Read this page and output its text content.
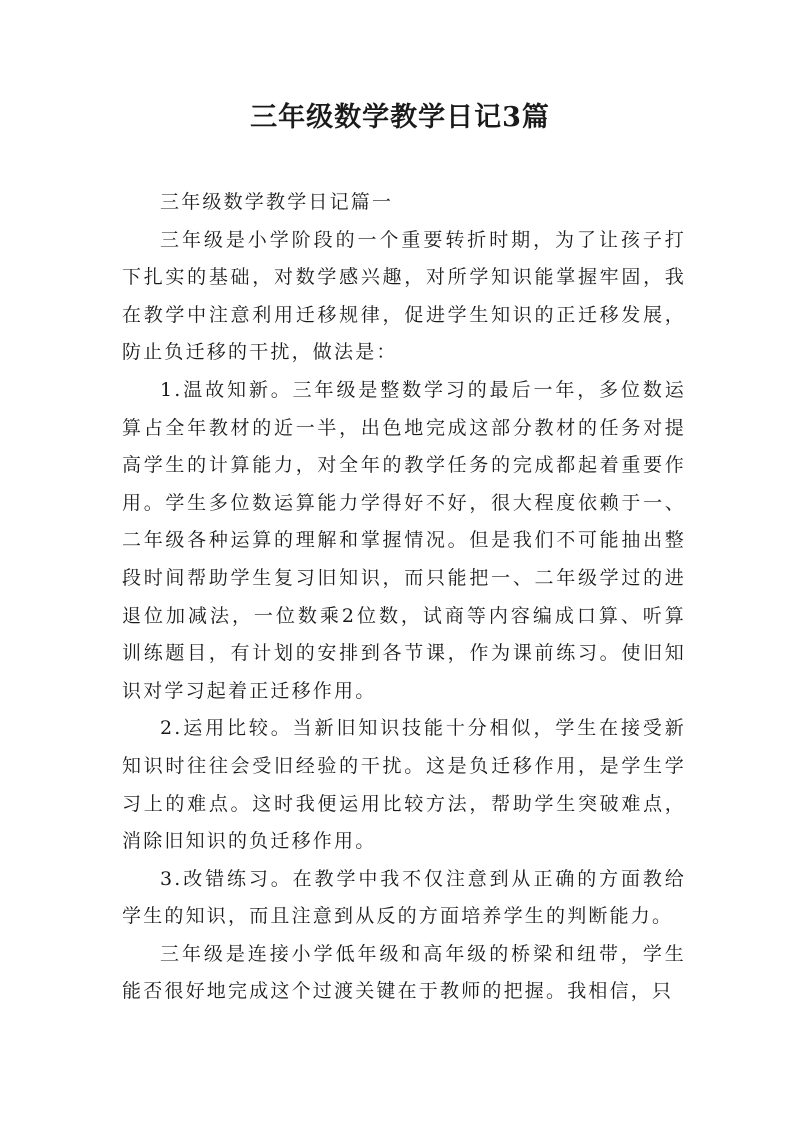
三年级数学教学日记3篇

三年级数学教学日记篇一

三年级是小学阶段的一个重要转折时期，为了让孩子打下扎实的基础，对数学感兴趣，对所学知识能掌握牢固，我在教学中注意利用迁移规律，促进学生知识的正迁移发展，防止负迁移的干扰，做法是：

1.温故知新。三年级是整数学习的最后一年，多位数运算占全年教材的近一半，出色地完成这部分教材的任务对提高学生的计算能力，对全年的教学任务的完成都起着重要作用。学生多位数运算能力学得好不好，很大程度依赖于一、二年级各种运算的理解和掌握情况。但是我们不可能抽出整段时间帮助学生复习旧知识，而只能把一、二年级学过的进退位加减法，一位数乘2位数，试商等内容编成口算、听算训练题目，有计划的安排到各节课，作为课前练习。使旧知识对学习起着正迁移作用。

2.运用比较。当新旧知识技能十分相似，学生在接受新知识时往往会受旧经验的干扰。这是负迁移作用，是学生学习上的难点。这时我便运用比较方法，帮助学生突破难点，消除旧知识的负迁移作用。

3.改错练习。在教学中我不仅注意到从正确的方面教给学生的知识，而且注意到从反的方面培养学生的判断能力。

三年级是连接小学低年级和高年级的桥梁和纽带，学生能否很好地完成这个过渡关键在于教师的把握。我相信，只
